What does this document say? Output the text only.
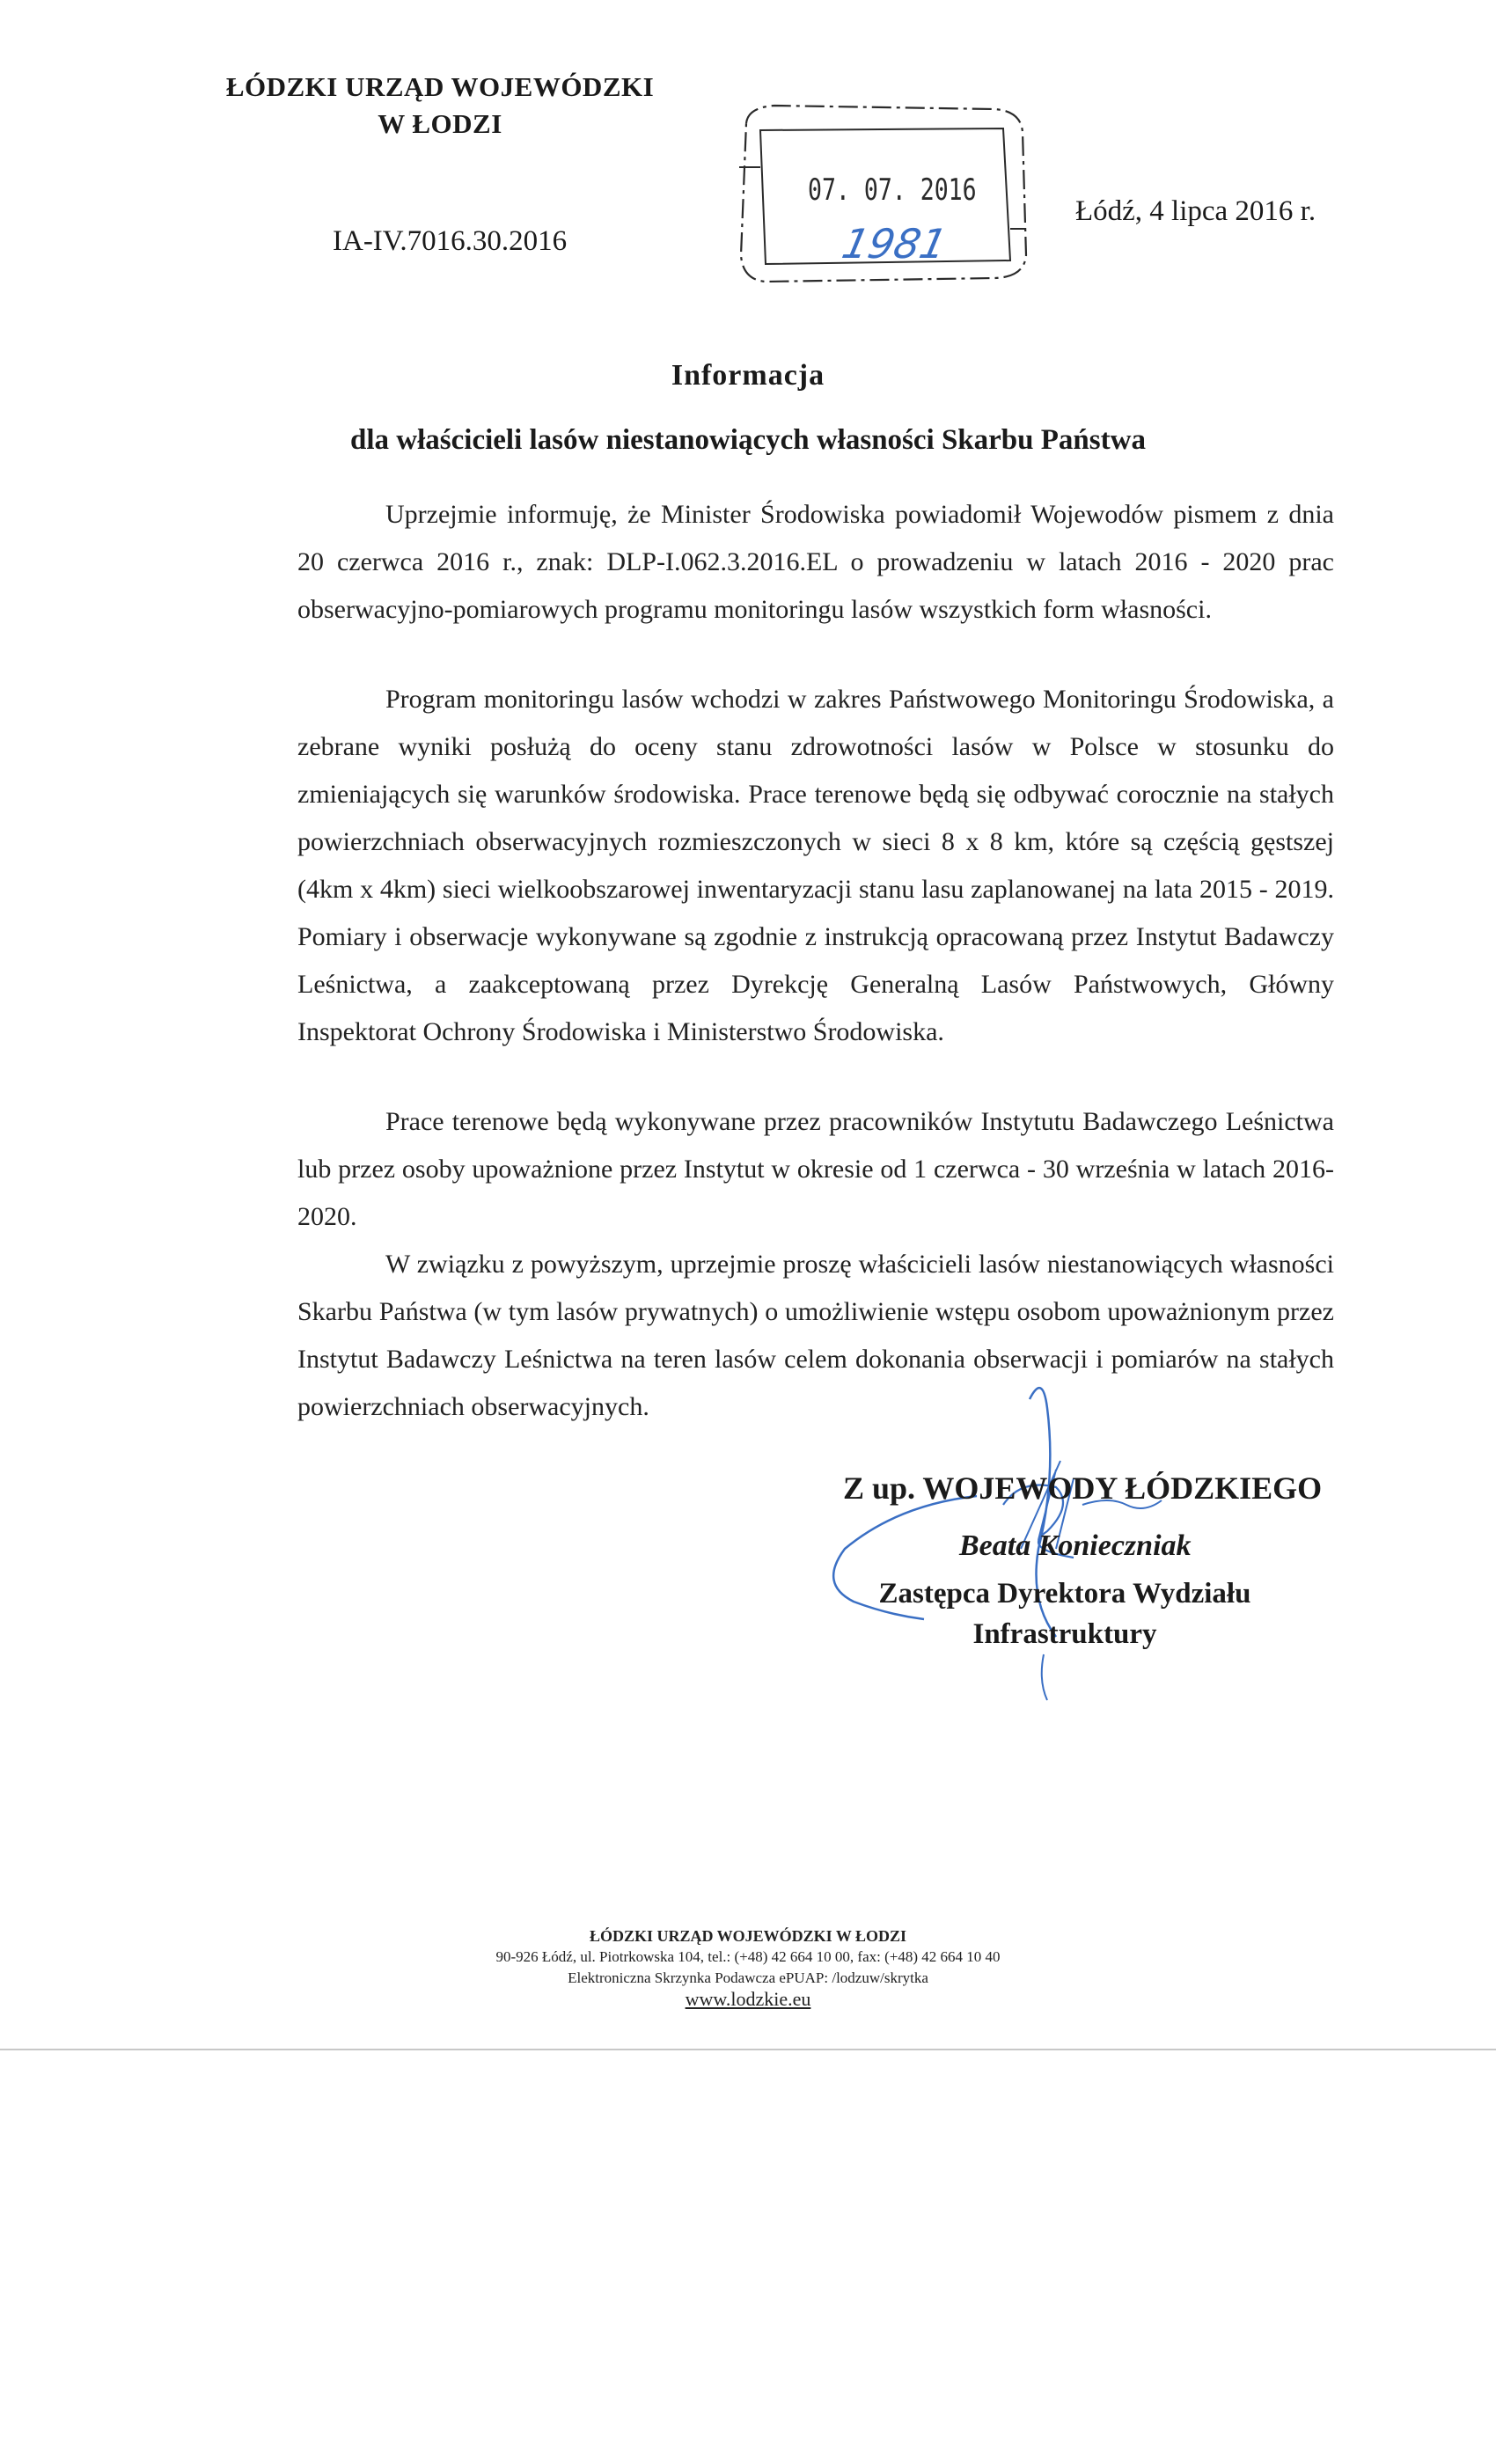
ŁÓDZKI URZĄD WOJEWÓDZKI
W ŁODZI
IA-IV.7016.30.2016
07. 07. 2016
1981
Łódź, 4 lipca 2016 r.
Informacja
dla właścicieli lasów niestanowiących własności Skarbu Państwa

Uprzejmie informuję, że Minister Środowiska powiadomił Wojewodów pismem z dnia 20 czerwca 2016 r., znak: DLP-I.062.3.2016.EL o prowadzeniu w latach 2016 - 2020 prac obserwacyjno-pomiarowych programu monitoringu lasów wszystkich form własności.

Program monitoringu lasów wchodzi w zakres Państwowego Monitoringu Środowiska, a zebrane wyniki posłużą do oceny stanu zdrowotności lasów w Polsce w stosunku do zmieniających się warunków środowiska. Prace terenowe będą się odbywać corocznie na stałych powierzchniach obserwacyjnych rozmieszczonych w sieci 8 x 8 km, które są częścią gęstszej (4km x 4km) sieci wielkoobszarowej inwentaryzacji stanu lasu zaplanowanej na lata 2015 - 2019. Pomiary i obserwacje wykonywane są zgodnie z instrukcją opracowaną przez Instytut Badawczy Leśnictwa, a zaakceptowaną przez Dyrekcję Generalną Lasów Państwowych, Główny Inspektorat Ochrony Środowiska i Ministerstwo Środowiska.

Prace terenowe będą wykonywane przez pracowników Instytutu Badawczego Leśnictwa lub przez osoby upoważnione przez Instytut w okresie od 1 czerwca - 30 września w latach 2016-2020.

W związku z powyższym, uprzejmie proszę właścicieli lasów niestanowiących własności Skarbu Państwa (w tym lasów prywatnych) o umożliwienie wstępu osobom upoważnionym przez Instytut Badawczy Leśnictwa na teren lasów celem dokonania obserwacji i pomiarów na stałych powierzchniach obserwacyjnych.

Z up. WOJEWODY ŁÓDZKIEGO
Beata Konieczniak
Zastępca Dyrektora Wydziału
Infrastruktury
ŁÓDZKI URZĄD WOJEWÓDZKI W ŁODZI
90-926 Łódź, ul. Piotrkowska 104, tel.: (+48) 42 664 10 00, fax: (+48) 42 664 10 40
Elektroniczna Skrzynka Podawcza ePUAP: /lodzuw/skrytka
www.lodzkie.eu
